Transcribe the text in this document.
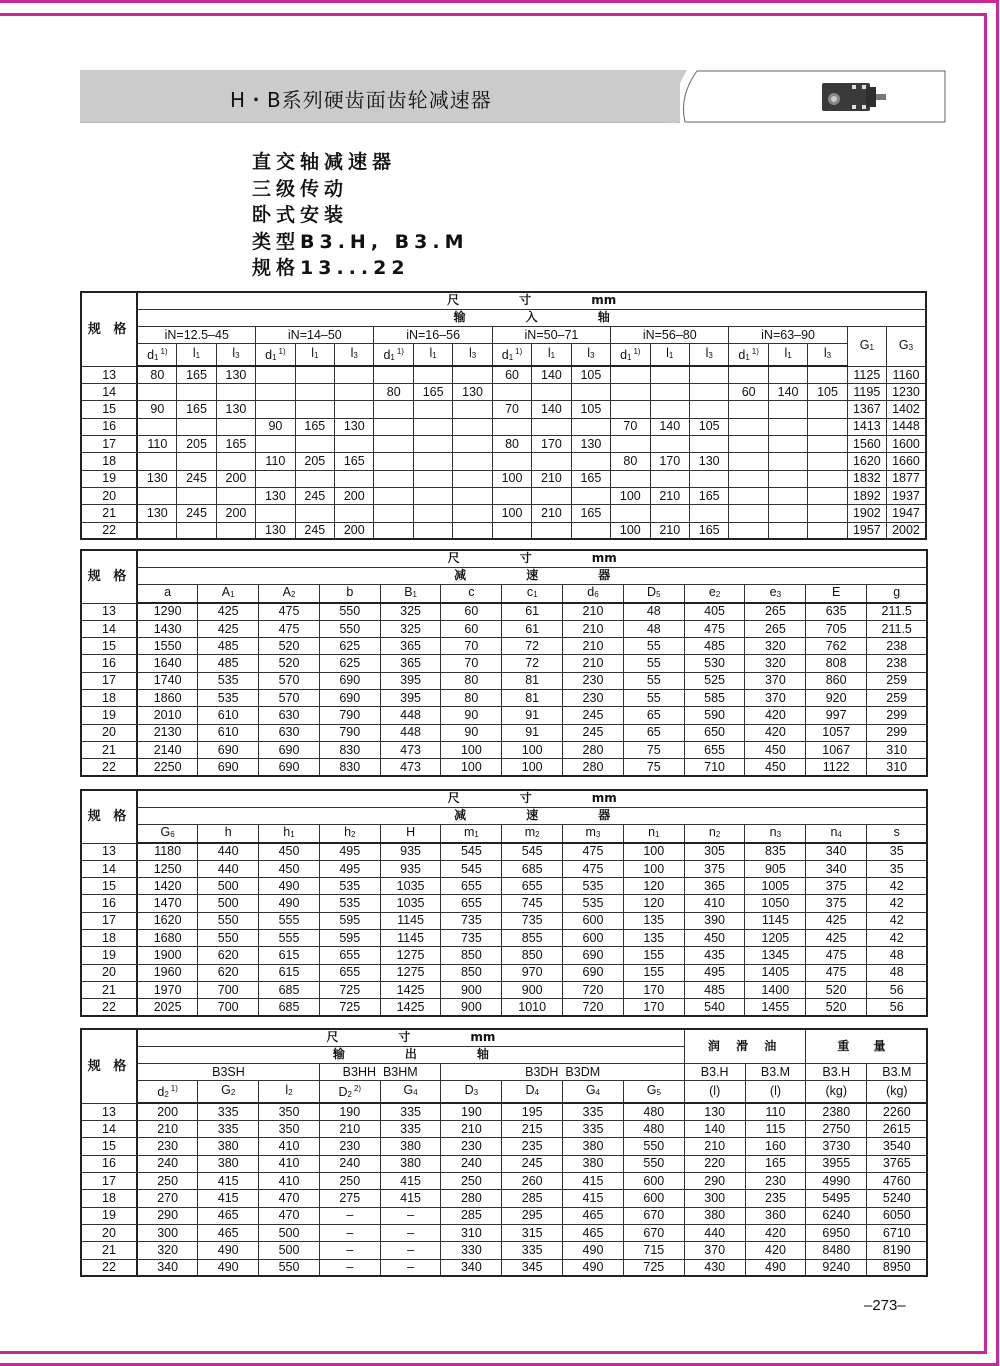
H・B系列硬齿面齿轮减速器
直交轴减速器
三级传动
卧式安装
类型B3.H, B3.M
规格13...22
规 格	尺 寸 mm																			
	输 入 轴																			
	iN=12.5–45			iN=14–50			iN=16–56			iN=50–71			iN=56–80			iN=63–90			G1	G3
	d1$^{1)}$	l1	l3	d1$^{1)}$	l1	l3	d1$^{1)}$	l1	l3	d1$^{1)}$	l1	l3	d1$^{1)}$	l1	l3	d1$^{1)}$	l1	l3		
13	80	165	130							60	140	105							1125	1160
14							80	165	130							60	140	105	1195	1230
15	90	165	130							70	140	105							1367	1402
16				90	165	130							70	140	105				1413	1448
17	110	205	165							80	170	130							1560	1600
18				110	205	165							80	170	130				1620	1660
19	130	245	200							100	210	165							1832	1877
20				130	245	200							100	210	165				1892	1937
21	130	245	200							100	210	165							1902	1947
22				130	245	200							100	210	165				1957	2002
规 格	尺 寸 mm												
	减 速 器												
	a	A1	A2	b	B1	c	c1	d6	D5	e2	e3	E	g
13	1290	425	475	550	325	60	61	210	48	405	265	635	211.5
14	1430	425	475	550	325	60	61	210	48	475	265	705	211.5
15	1550	485	520	625	365	70	72	210	55	485	320	762	238
16	1640	485	520	625	365	70	72	210	55	530	320	808	238
17	1740	535	570	690	395	80	81	230	55	525	370	860	259
18	1860	535	570	690	395	80	81	230	55	585	370	920	259
19	2010	610	630	790	448	90	91	245	65	590	420	997	299
20	2130	610	630	790	448	90	91	245	65	650	420	1057	299
21	2140	690	690	830	473	100	100	280	75	655	450	1067	310
22	2250	690	690	830	473	100	100	280	75	710	450	1122	310
规 格	尺 寸 mm												
	减 速 器												
	G6	h	h1	h2	H	m1	m2	m3	n1	n2	n3	n4	s
13	1180	440	450	495	935	545	545	475	100	305	835	340	35
14	1250	440	450	495	935	545	685	475	100	375	905	340	35
15	1420	500	490	535	1035	655	655	535	120	365	1005	375	42
16	1470	500	490	535	1035	655	745	535	120	410	1050	375	42
17	1620	550	555	595	1145	735	735	600	135	390	1145	425	42
18	1680	550	555	595	1145	735	855	600	135	450	1205	425	42
19	1900	620	615	655	1275	850	850	690	155	435	1345	475	48
20	1960	620	615	655	1275	850	970	690	155	495	1405	475	48
21	1970	700	685	725	1425	900	900	720	170	485	1400	520	56
22	2025	700	685	725	1425	900	1010	720	170	540	1455	520	56
规 格	尺 寸 mm									润 滑 油		重 量	
	输 出 轴												
	B3SH			B3HH  B3HM		B3DH  B3DM				B3.H	B3.M	B3.H	B3.M
	d2$^{1)}$	G2	l2	D2$^{2)}$	G4	D3	D4	G4	G5	(l)	(l)	(kg)	(kg)
13	200	335	350	190	335	190	195	335	480	130	110	2380	2260
14	210	335	350	210	335	210	215	335	480	140	115	2750	2615
15	230	380	410	230	380	230	235	380	550	210	160	3730	3540
16	240	380	410	240	380	240	245	380	550	220	165	3955	3765
17	250	415	410	250	415	250	260	415	600	290	230	4990	4760
18	270	415	470	275	415	280	285	415	600	300	235	5495	5240
19	290	465	470	–	–	285	295	465	670	380	360	6240	6050
20	300	465	500	–	–	310	315	465	670	440	420	6950	6710
21	320	490	500	–	–	330	335	490	715	370	420	8480	8190
22	340	490	550	–	–	340	345	490	725	430	490	9240	8950
–273–
